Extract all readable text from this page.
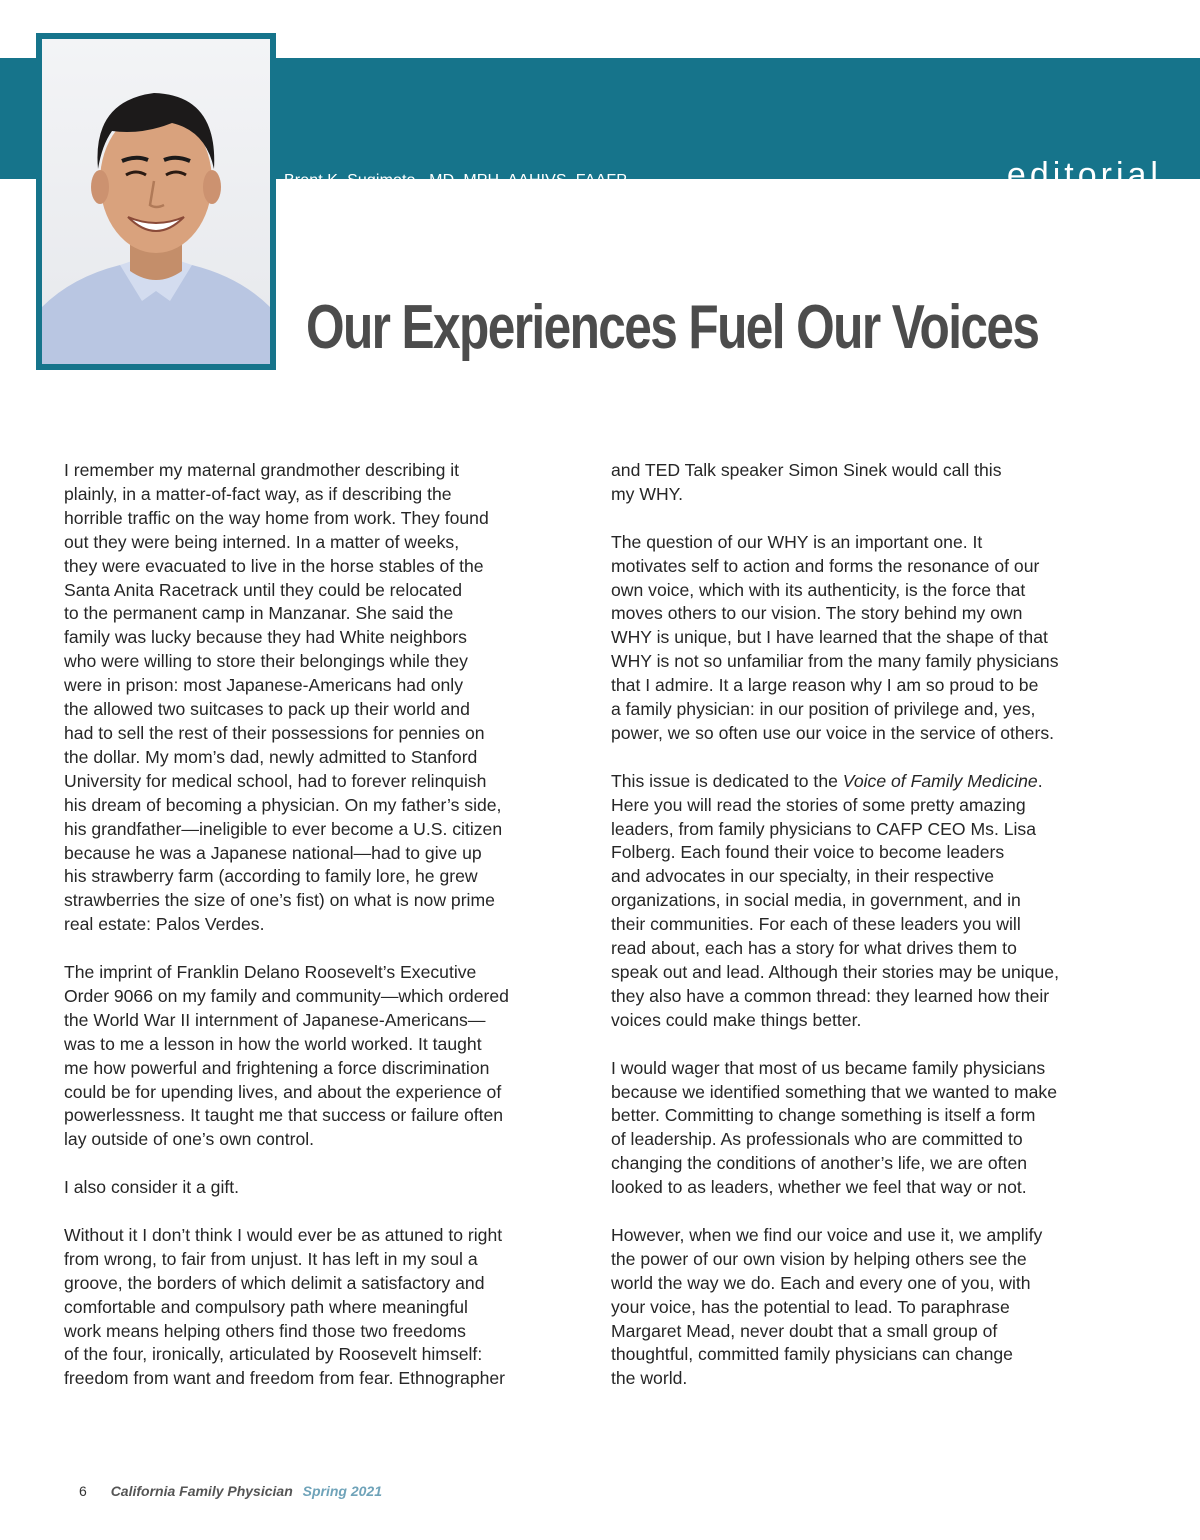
Brent K. Sugimoto,, MD, MPH, AAHIVS, FAAFP	editorial
Our Experiences Fuel Our Voices

I remember my maternal grandmother describing it
plainly, in a matter-of-fact way, as if describing the
horrible traffic on the way home from work. They found
out they were being interned. In a matter of weeks,
they were evacuated to live in the horse stables of the
Santa Anita Racetrack until they could be relocated
to the permanent camp in Manzanar. She said the
family was lucky because they had White neighbors
who were willing to store their belongings while they
were in prison: most Japanese-Americans had only
the allowed two suitcases to pack up their world and
had to sell the rest of their possessions for pennies on
the dollar. My mom’s dad, newly admitted to Stanford
University for medical school, had to forever relinquish
his dream of becoming a physician. On my father’s side,
his grandfather—ineligible to ever become a U.S. citizen
because he was a Japanese national—had to give up
his strawberry farm (according to family lore, he grew
strawberries the size of one’s fist) on what is now prime
real estate: Palos Verdes.

The imprint of Franklin Delano Roosevelt’s Executive
Order 9066 on my family and community—which ordered
the World War II internment of Japanese-Americans—
was to me a lesson in how the world worked. It taught
me how powerful and frightening a force discrimination
could be for upending lives, and about the experience of
powerlessness. It taught me that success or failure often
lay outside of one’s own control.

I also consider it a gift.

Without it I don’t think I would ever be as attuned to right
from wrong, to fair from unjust. It has left in my soul a
groove, the borders of which delimit a satisfactory and
comfortable and compulsory path where meaningful
work means helping others find those two freedoms
of the four, ironically, articulated by Roosevelt himself:
freedom from want and freedom from fear. Ethnographer

and TED Talk speaker Simon Sinek would call this
my WHY.

The question of our WHY is an important one. It
motivates self to action and forms the resonance of our
own voice, which with its authenticity, is the force that
moves others to our vision. The story behind my own
WHY is unique, but I have learned that the shape of that
WHY is not so unfamiliar from the many family physicians
that I admire. It a large reason why I am so proud to be
a family physician: in our position of privilege and, yes,
power, we so often use our voice in the service of others.

This issue is dedicated to the Voice of Family Medicine.
Here you will read the stories of some pretty amazing
leaders, from family physicians to CAFP CEO Ms. Lisa
Folberg. Each found their voice to become leaders
and advocates in our specialty, in their respective
organizations, in social media, in government, and in
their communities. For each of these leaders you will
read about, each has a story for what drives them to
speak out and lead. Although their stories may be unique,
they also have a common thread: they learned how their
voices could make things better.

I would wager that most of us became family physicians
because we identified something that we wanted to make
better. Committing to change something is itself a form
of leadership. As professionals who are committed to
changing the conditions of another’s life, we are often
looked to as leaders, whether we feel that way or not.

However, when we find our voice and use it, we amplify
the power of our own vision by helping others see the
world the way we do. Each and every one of you, with
your voice, has the potential to lead. To paraphrase
Margaret Mead, never doubt that a small group of
thoughtful, committed family physicians can change
the world.

6 California Family Physician Spring 2021
